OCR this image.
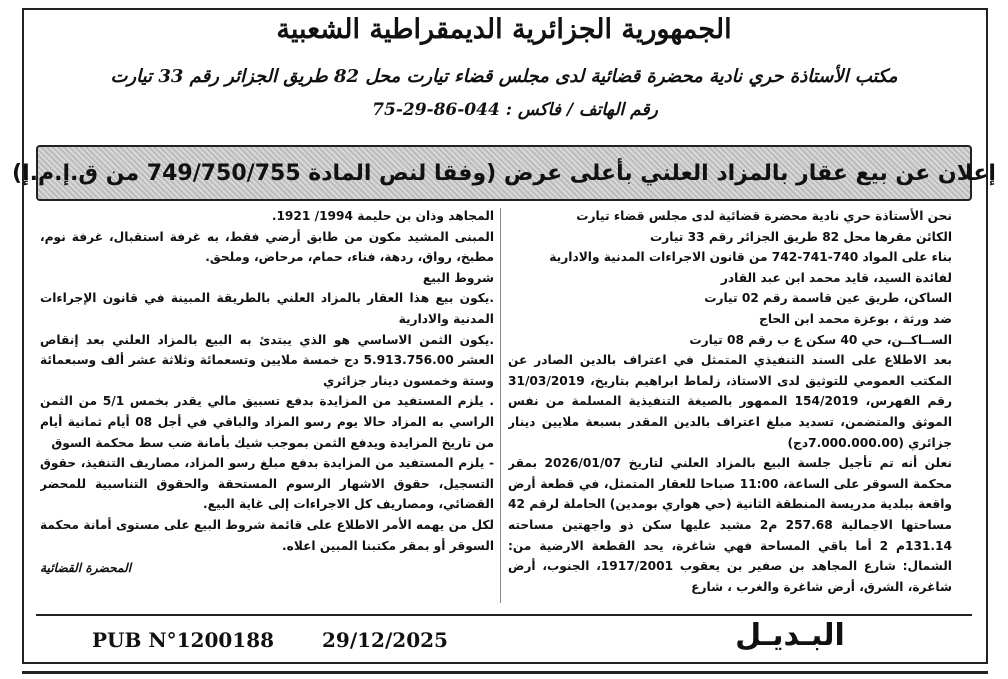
الجمهورية الجزائرية الديمقراطية الشعبية
مكتب الأستاذة حري نادية محضرة قضائية لدى مجلس قضاء تيارت محل 82 طريق الجزائر رقم 33 تيارت
رقم الهاتف / فاكس : 75-29-86-044
إعلان عن بيع عقار بالمزاد العلني بأعلى عرض (وفقا لنص المادة 749/750/755 من ق.إ.م.إ)

نحن الأستاذة حري نادية محضرة قضائية لدى مجلس قضاء تيارت

الكائن مقرها محل 82 طريق الجزائر رقم 33 تيارت

بناء على المواد 740-741-742 من قانون الاجراءات المدنية والادارية

لفائدة السيد، قايد محمد ابن عبد القادر

الساكن، طريق عين قاسمة رقم 02 تيارت

ضد ورثة ، بوعزة محمد ابن الحاج

الســاكــن، حي 40 سكن ع ب رقم 08 تيارت

بعد الاطلاع على السند التنفيذي المتمثل في اعتراف بالدين الصادر عن المكتب العمومي للتوثيق لدى الاستاذ، زلماط ابراهيم بتاريخ، 31/03/2019 رقم الفهرس، 154/2019 الممهور بالصيغة التنفيذية المسلمة من نفس الموثق والمتضمن، تسديد مبلغ اعتراف بالدين المقدر بسبعة ملايين دينار جزائري (7.000.000.00دج)

نعلن أنه تم تأجيل جلسة البيع بالمزاد العلني لتاريخ 2026/01/07 بمقر محكمة السوقر على الساعة، 11:00 صباحا للعقار المتمثل، في قطعة أرض واقعة ببلدية مدريسة المنطقة الثانية (حي هواري بومدين) الحاملة لرقم 42 مساحتها الاجمالية 257.68 م2 مشيد عليها سكن ذو واجهتين مساحته 131.14م 2 أما باقي المساحة فهي شاغرة، يحد القطعة الارضية من: الشمال: شارع المجاهد بن صفير بن يعقوب 1917/2001، الجنوب، أرض شاغرة، الشرق، أرض شاغرة والغرب ، شارع

المجاهد وذان بن حليمة 1994/ 1921.

المبنى المشيد مكون من طابق أرضي فقط، به غرفة استقبال، غرفة نوم، مطبخ، رواق، ردهة، فناء، حمام، مرحاض، وملحق.

شروط البيع

.يكون بيع هذا العقار بالمزاد العلني بالطريقة المبينة في قانون الإجراءات المدنية والادارية

.يكون الثمن الاساسي هو الذي يبتدئ به البيع بالمزاد العلني بعد إنقاص العشر 5.913.756.00 دج خمسة ملايين وتسعمائة وثلاثة عشر ألف وسبعمائة وستة وخمسون دينار جزائري

. يلزم المستفيد من المزايدة بدفع تسبيق مالي يقدر بخمس 5/1 من الثمن الراسي به المزاد حالا يوم رسو المزاد والباقي في أجل 08 أيام ثمانية أيام من تاريخ المزايدة ويدفع الثمن بموجب شيك بأمانة ضب سط محكمة السوق

- يلزم المستفيد من المزايدة بدفع مبلغ رسو المزاد، مصاريف التنفيذ، حقوق التسجيل، حقوق الاشهار الرسوم المستحقة والحقوق التناسبية للمحضر القضائي، ومصاريف كل الاجراءات إلى غاية البيع.

لكل من يهمه الأمر الاطلاع على قائمة شروط البيع على مستوى أمانة محكمة السوقر أو بمقر مكتبنا المبين اعلاه.

المحضرة القضائية

PUB N°1200188 29/12/2025	البـديـل
